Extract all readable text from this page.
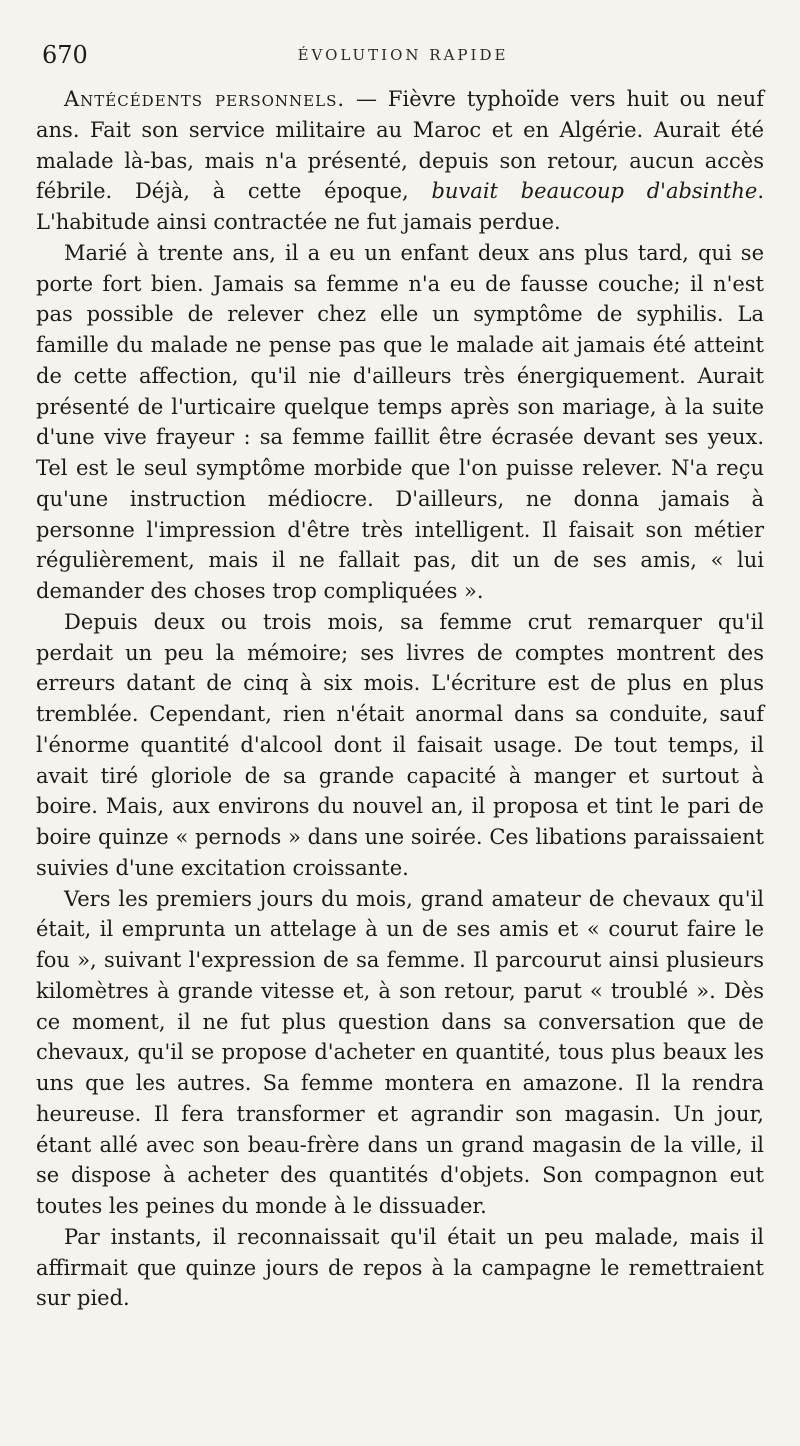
670	ÉVOLUTION RAPIDE

Antécédents personnels. — Fièvre typhoïde vers huit ou neuf ans. Fait son service militaire au Maroc et en Algérie. Aurait été malade là-bas, mais n'a présenté, depuis son retour, aucun accès fébrile. Déjà, à cette époque, buvait beaucoup d'absinthe. L'habitude ainsi contractée ne fut jamais perdue.

Marié à trente ans, il a eu un enfant deux ans plus tard, qui se porte fort bien. Jamais sa femme n'a eu de fausse couche; il n'est pas possible de relever chez elle un symptôme de syphilis. La famille du malade ne pense pas que le malade ait jamais été atteint de cette affection, qu'il nie d'ailleurs très énergiquement. Aurait présenté de l'urticaire quelque temps après son mariage, à la suite d'une vive frayeur : sa femme faillit être écrasée devant ses yeux. Tel est le seul symptôme morbide que l'on puisse relever. N'a reçu qu'une instruction médiocre. D'ailleurs, ne donna jamais à personne l'impression d'être très intelligent. Il faisait son métier régulièrement, mais il ne fallait pas, dit un de ses amis, « lui demander des choses trop compliquées ».

Depuis deux ou trois mois, sa femme crut remarquer qu'il perdait un peu la mémoire; ses livres de comptes montrent des erreurs datant de cinq à six mois. L'écriture est de plus en plus tremblée. Cependant, rien n'était anormal dans sa conduite, sauf l'énorme quantité d'alcool dont il faisait usage. De tout temps, il avait tiré gloriole de sa grande capacité à manger et surtout à boire. Mais, aux environs du nouvel an, il proposa et tint le pari de boire quinze « pernods » dans une soirée. Ces libations paraissaient suivies d'une excitation croissante.

Vers les premiers jours du mois, grand amateur de chevaux qu'il était, il emprunta un attelage à un de ses amis et « courut faire le fou », suivant l'expression de sa femme. Il parcourut ainsi plusieurs kilomètres à grande vitesse et, à son retour, parut « troublé ». Dès ce moment, il ne fut plus question dans sa conversation que de chevaux, qu'il se propose d'acheter en quantité, tous plus beaux les uns que les autres. Sa femme montera en amazone. Il la rendra heureuse. Il fera transformer et agrandir son magasin. Un jour, étant allé avec son beau-frère dans un grand magasin de la ville, il se dispose à acheter des quantités d'objets. Son compagnon eut toutes les peines du monde à le dissuader.

Par instants, il reconnaissait qu'il était un peu malade, mais il affirmait que quinze jours de repos à la campagne le remettraient sur pied.
